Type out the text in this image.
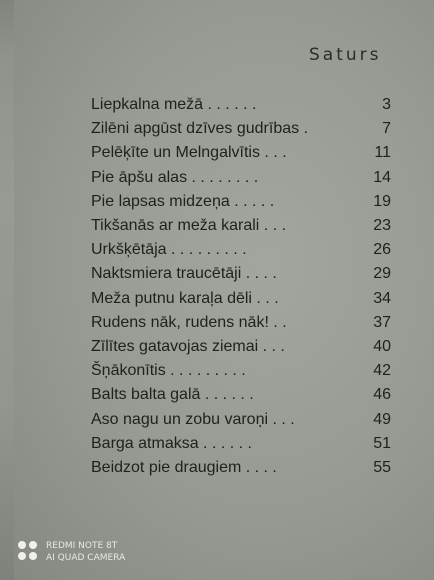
Saturs
Liepkalna mežā . . . . . .	3
Zilēni apgūst dzīves gudrības .	7
Pelēķīte un Melngalvītis . . .	11
Pie āpšu alas . . . . . . . .	14
Pie lapsas midzeņa . . . . .	19
Tikšanās ar meža karali . . .	23
Urkšķētāja . . . . . . . . .	26
Naktsmiera traucētāji . . . .	29
Meža putnu karaļa dēli . . .	34
Rudens nāk, rudens nāk! . .	37
Zīlītes gatavojas ziemai . . .	40
Šņākonītis . . . . . . . . .	42
Balts balta galā . . . . . .	46
Aso nagu un zobu varoņi . . .	49
Barga atmaksa . . . . . .	51
Beidzot pie draugiem . . . .	55
REDMI NOTE 8T
AI QUAD CAMERA
